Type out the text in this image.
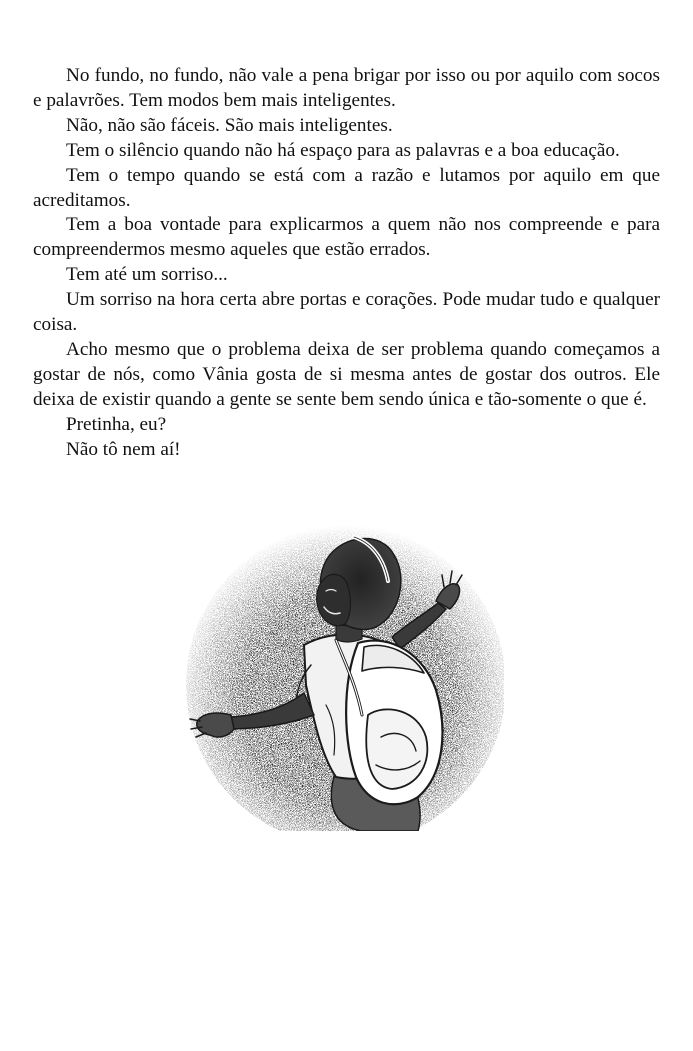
No fundo, no fundo, não vale a pena brigar por isso ou por aquilo com socos e palavrões. Tem modos bem mais inteligentes.

Não, não são fáceis. São mais inteligentes.

Tem o silêncio quando não há espaço para as palavras e a boa educação.

Tem o tempo quando se está com a razão e lutamos por aquilo em que acreditamos.

Tem a boa vontade para explicarmos a quem não nos compreende e para compreendermos mesmo aqueles que estão errados.

Tem até um sorriso...

Um sorriso na hora certa abre portas e corações. Pode mudar tudo e qualquer coisa.

Acho mesmo que o problema deixa de ser problema quando começamos a gostar de nós, como Vânia gosta de si mesma antes de gostar dos outros. Ele deixa de existir quando a gente se sente bem sendo única e tão-somente o que é.

Pretinha, eu?

Não tô nem aí!
